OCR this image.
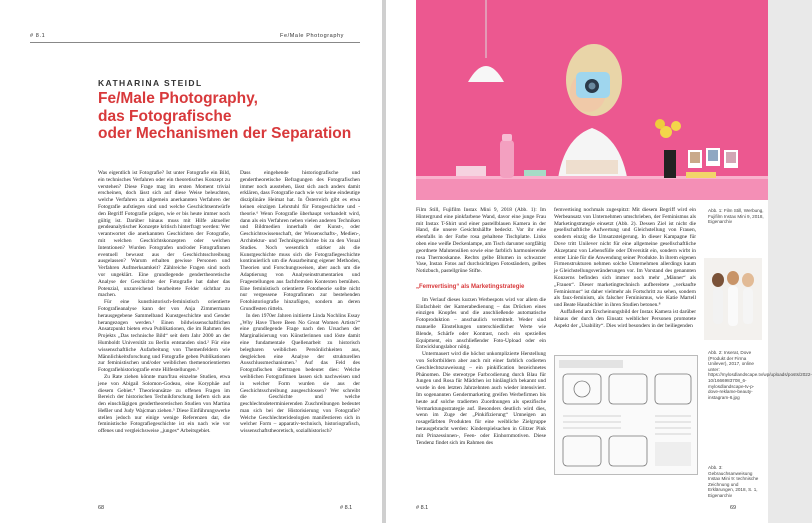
# 8.1	Fe/Male Photography
KATHARINA STEIDL
Fe/Male Photography,
das Fotografische
oder Mechanismen der Separation

Was eigentlich ist Fotografie? Ist unter Fotografie ein Bild, ein technisches Verfahren oder ein theoretisches Konzept zu verstehen? Diese Frage mag im ersten Moment trivial erscheinen, doch lässt sich auf diese Weise beleuchten, welche Verfahren zu allgemein anerkannten Verfahren der Fotografie aufstiegen sind und welche Geschichtsentwürfe den Begriff Fotografie prägen, wie er bis heute immer noch gültig ist. Darüber hinaus muss mit Hilfe aktueller gendeanalytischer Konzepte kritisch hinterfragt werden: Wer verantwortet die anerkannten Geschichten der Fotografie, mit welchen Geschichtskonzepten oder welchen Intentionen? Wurden Fotografen und/oder Fotografinnen eventuell bewusst aus der Geschichtsschreibung ausgelassen? Warum erhalten gewisse Personen und Verfahren Aufmerksamkeit? Zählreiche Fragen sind noch vor ungeklärt. Eine grundlegende genderthеoretische Analyse der Geschichte der Fotografie hat daher das Potenzial, unzureichend bearbeitete Felder sichtbar zu machen.

Für eine kunsthistorisch-feministisch orientierte Fotografieanalyse kann der von Anja Zimmermann herausgegebene Sammelband Kunstgeschichte und Gender herangezogen werden.¹ Einen bildwissenschaftlichen Ansatzpunkt bieten etwa Publikationen, die im Rahmen des Projekts „Das technische Bild“ seit dem Jahr 2000 an der Humboldt Universität zu Berlin entstanden sind.² Für eine wissenschaftliche Aufarbeitung von Themenfeldern wie Männlichkeitsforschung und Fotografie geben Publikationen zur feministischen und/oder weiblichen themenorientierten Fotografiehistoriografie erste Hilfestellungen.³

Zu Rate ziehen könnte man/frau einzelne Studien, etwa jene von Abigail Solomon-Godeau, eine Koryphäe auf diesem Gebiet.⁴ Theorieansätze zu offenen Fragen im Bereich der historischen Technikforschung liefern sich aus den einschlägigen genderthеoretischen Studien von Martina Heßler und Judy Wajcman ziehen.⁵ Diese Einführungswerke stellen jedoch nur einige wenige Referenzen dar, die feministische Fotografiegeschichte ist ein nach wie vor offenes und vergleichsweise „junges“ Arbeitsgebiet.

Dass eingehende historiografische und genderthеoretische Befragungen des Fotografischen immer noch ausstehen, lässt sich auch anders damit erklären, dass Fotografie nach wie vor keine eindeutige disziplinäre Heimat hat. In Österreich gibt es etwa keinen einzigen Lehrstuhl für Fotogeschichte und -theorie.⁶ Wenn Fotografie überhaupt verhandelt wird, dann als ein Verfahren neben vielen anderen Techniken und Bildmedien innerhalb der Kunst-, oder Geschichtswissenschaft, der Wissenschafts-, Medien-, Architektur- und Technikgeschichte bis zu den Visual Studies. Noch wesentlich stärker als die Kunstgeschichte muss sich die Fotografiegeschichte kontinuierlich um die Ausarbeitung eigener Methoden, Theorien und Forschungsweisen, aber auch um die Adaptierung von Analyseinstrumentarien und Fragestellungen aus fachfremden Kontexten bemühen. Eine feministisch orientierte Fototheorie sollte nicht nur vergessene Fotografinnen zur bestehenden Fotohistoriografie hinzufügen, sondern an deren Grundfesten rütteln.

In den 1970er Jahren initiierte Linda Nochlins Essay „Why Have There Been No Great Women Artists?“ eine grundlegende Frage nach den Ursachen der Marginalisierung von Künstlerinnen und löste damit eine fundamentale Quellenarbeit zu historisch belegbaren weiblichen Persönlichkeiten aus, desgleichen eine Analyse der strukturellen Ausschlussmechanismen.⁷ Auf das Feld des Fotografischen übertragen bedeutet dies: Welche weiblichen Fotografinnen lassen sich nachweisen und in welcher Form wurden sie aus der Geschichtsschreibung ausgeschlossen? Wer schreibt die Geschichte und welche geschlechtsdeterminierenden Zuschreibungen bedeutet man sich bei der Historisierung von Fotografie? Welche Geschlechterideologien manifestieren sich in welcher Form – apparativ-technisch, historiografisch, wissenschaftstheoretisch, sozialhistorisch?

68	# 8.1
Abb. 1: Film Still, Werbung, Fujifilm Instax Mini 9, 2018, Eigenarchiv

Film Still, Fujifilm Instax Mini 9, 2018 (Abb. 1): Im Hintergrund eine pinkfarbene Wand, davor eine junge Frau mit Instax T-Shirt und einer pastellblauen Kamera in der Hand, die unsere Gesichtshälfte bedeckt. Vor ihr eine ebenfalls in der Farbe rosa gehaltene Tischplatte. Links oben eine weiße Deckenlampe, am Tisch darunter sorgfältig geordnete Malutensilien sowie eine farblich harmonierende rosa Thermoskanne. Rechts gelbe Blumen in schwarzer Vase, Instax Fotos auf durchsichtigen Fotoständern, gelbes Notizbuch, pastellgrüne Stifte.

„Femvertising“ als Marketingstrategie

Im Verlauf dieses kurzen Werbespots wird vor allem die Einfachheit der Kamerabedienung – das Drücken eines einzigen Knopfes und die anschließende automatische Fotoproduktion – anschaulich vermittelt. Weder sind manuelle Einstellungen unterschiedlicher Werte wie Blende, Schärfe oder Kontrast, noch ein spezielles Equipment, ein anschließender Foto-Upload oder ein Entwicklungslabor nötig.

Untermauert wird die höchst unkomplizierte Herstellung von Sofortbildern aber auch mit einer farblich codierten Geschlechtszuweisung – ein pinkification bezeichnetes Phänomen. Die stereotype Farbcodierung durch Blau für Jungen und Rosa für Mädchen ist hinlänglich bekannt und wurde in den letzten Jahrzehnten auch wieder intensiviert. Im sogenannten Gendermarketing greifen Werbefirmen bis heute auf solche tradierten Zuordnungen als spezifische Vermarktungsstrategie auf. Besonders deutlich wird dies, wenn im Zuge der „Pinkifizierung“ Umneigen an rosagefärbten Produkten für eine weibliche Zielgruppe herausgebracht werden: Kinderspielsachen in Glitzer Pink mit Prinzessinnen-, Feen- oder Einhornmotiven. Diese Tendenz findet sich im Rahmen des

femvertising nochmals zugespitzt: Mit diesem Begriff wird ein Werbeansatz von Unternehmen umschrieben, der Feminismus als Marketingstrategie einsetzt (Abb. 2). Dessen Ziel ist nicht die gesellschaftliche Aufwertung und Gleichstellung von Frauen, sondern einzig die Umsatzsteigerung. In dieser Kampagne für Dove tritt Unilever nicht für eine allgemeine gesellschaftliche Akzeptanz von Lebensfülle oder Diversität ein, sondern wirbt in erster Linie für die Anwendung seiner Produkte. In ihrem eigenen Firmenstrukturen nehmen solche Unternehmen allerdings kaum je Gleichstellungsveränderungen vor. Im Vorstand des genannten Konzerns befinden sich immer noch mehr „Männer“ als „Frauen“. Dieser marketingtechnisch aufbereitete „verkaufte Feminismus“ ist daher vielmehr als Fortschritt zu sehen, sondern als faux-feminism, als falscher Feminismus, wie Katie Martell und Beate Hausbichler in ihren Studien betonen.⁸

Auffallend am Erscheinungsbild der Instax Kamera ist darüber hinaus der durch den Einsatz weiblicher Personen promotete Aspekt der „Usability“. Dies wird besonders in der beiliegenden

Abb. 2: Inserat, Dove (Produkt der Firma Unilever), 2017, online unter: https://mylosdlandscape.tv/wp/uploads/posts/2022-10/1666983708_6-mylosdlandscape-tv-p-dove-reklame-beauty-instagram-6.jpg
Abb. 3: Gebrauchsanweisung Instax Mini 9: technische Zeichnung und Erklärungen, 2018, S. 1, Eigenarchiv
# 8.1	69
